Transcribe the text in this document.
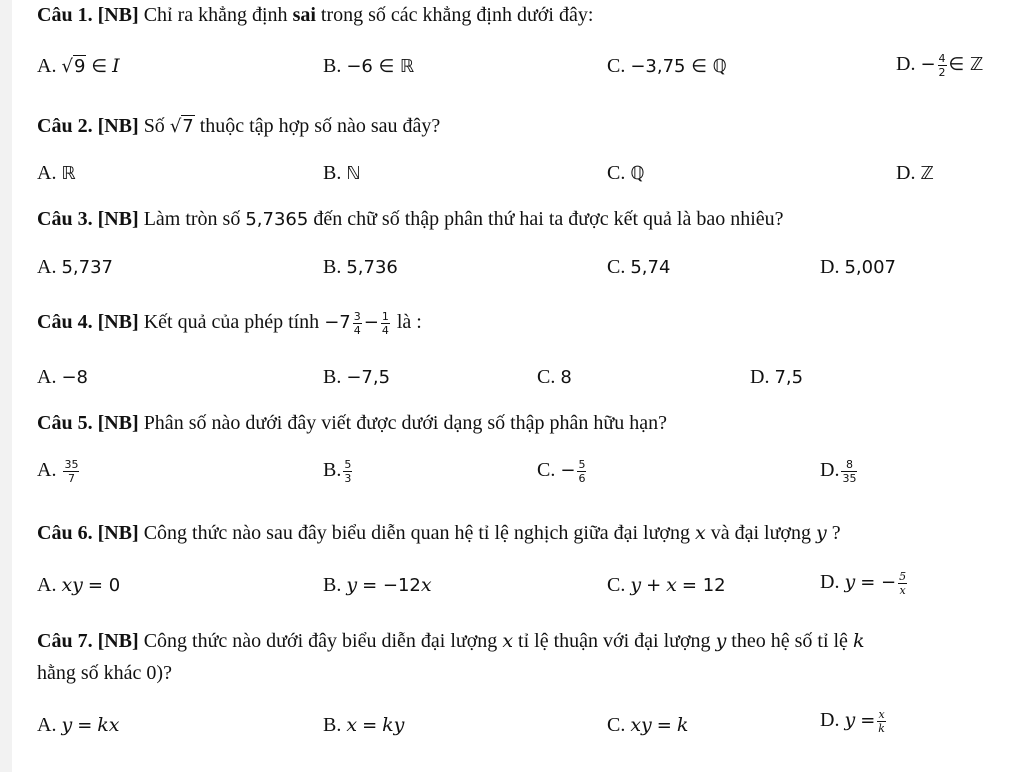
Câu 1. [NB] Chỉ ra khẳng định sai trong số các khẳng định dưới đây:
A. √9 ∈ I	B. −6 ∈ ℝ	C. −3,75 ∈ ℚ	D. − $\frac{4}{2}$ ∈ ℤ
Câu 2. [NB] Số √7 thuộc tập hợp số nào sau đây?
A. ℝ	B. ℕ	C. ℚ	D. ℤ
Câu 3. [NB] Làm tròn số 5,7365 đến chữ số thập phân thứ hai ta được kết quả là bao nhiêu?
A. 5,737	B. 5,736	C. 5,74	D. 5,007
Câu 4. [NB] Kết quả của phép tính $-7 \frac{3}{4} - \frac{1}{4}$ là :
A. −8	B. −7,5	C. 8	D. 7,5
Câu 5. [NB] Phân số nào dưới đây viết được dưới dạng số thập phân hữu hạn?
A. $\frac{35}{7}$	B. $\frac{5}{3}$	C. − $\frac{5}{6}$	D. $\frac{8}{35}$
Câu 6. [NB] Công thức nào sau đây biểu diễn quan hệ tỉ lệ nghịch giữa đại lượng x và đại lượng y ?
A. xy = 0	B. y = −12x	C. y + x = 12	D. y = − $\frac{5}{x}$
Câu 7. [NB] Công thức nào dưới đây biểu diễn đại lượng x tỉ lệ thuận với đại lượng y theo hệ số tỉ lệ k
hằng số khác 0)?
A. y = kx	B. x = ky	C. xy = k	D. $y = \frac{x}{k}$
